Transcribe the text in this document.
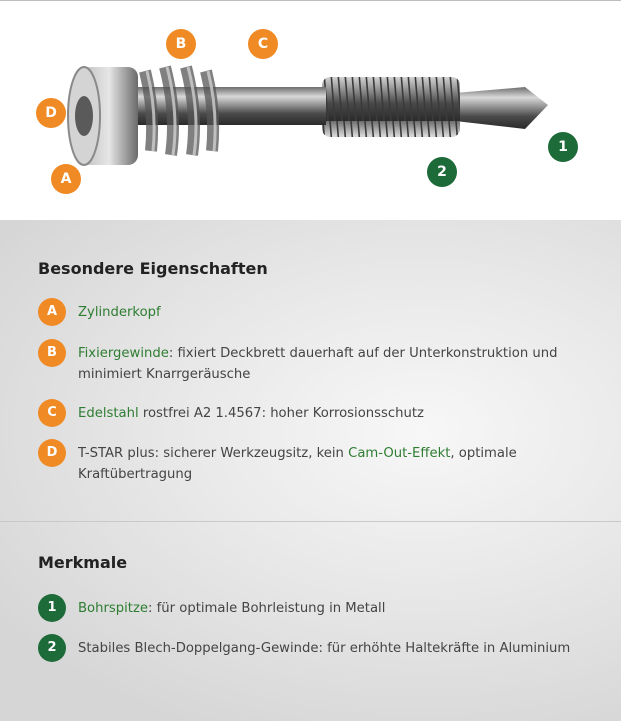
B	C
D
A
1
2
Besondere Eigenschaften
A	Zylinderkopf
B	Fixiergewinde: fixiert Deckbrett dauerhaft auf der Unterkonstruktion und minimiert Knarrgeräusche
C	Edelstahl rostfrei A2 1.4567: hoher Korrosionsschutz
D	T-STAR plus: sicherer Werkzeugsitz, kein Cam-Out-Effekt, optimale Kraftübertragung
Merkmale
1	Bohrspitze: für optimale Bohrleistung in Metall
2	Stabiles Blech-Doppelgang-Gewinde: für erhöhte Haltekräfte in Aluminium
